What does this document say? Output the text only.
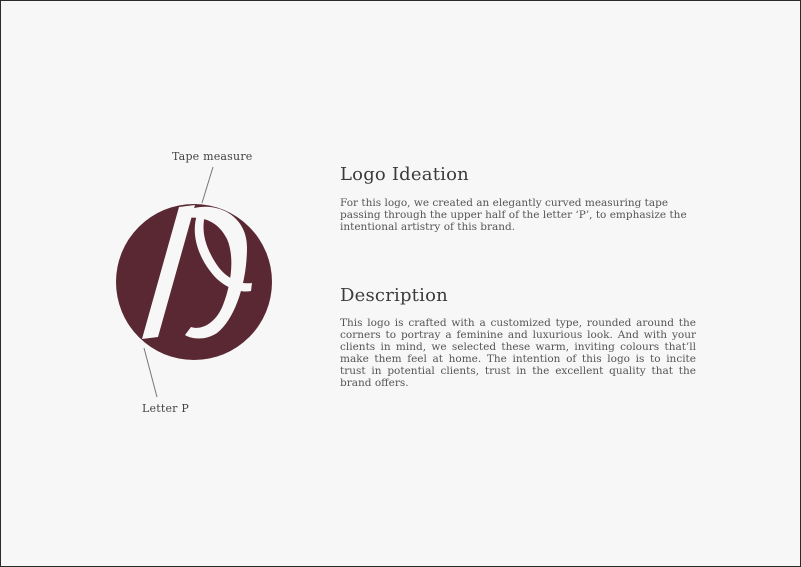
Tape measure
Letter P
Logo Ideation

For this logo, we created an elegantly curved measuring tape passing through the upper half of the letter ‘P’, to emphasize the intentional artistry of this brand.

Description

This logo is crafted with a customized type, rounded around the corners to portray a feminine and luxurious look. And with your clients in mind, we selected these warm, inviting colours that’ll make them feel at home. The intention of this logo is to incite trust in potential clients, trust in the excellent quality that the brand offers.
